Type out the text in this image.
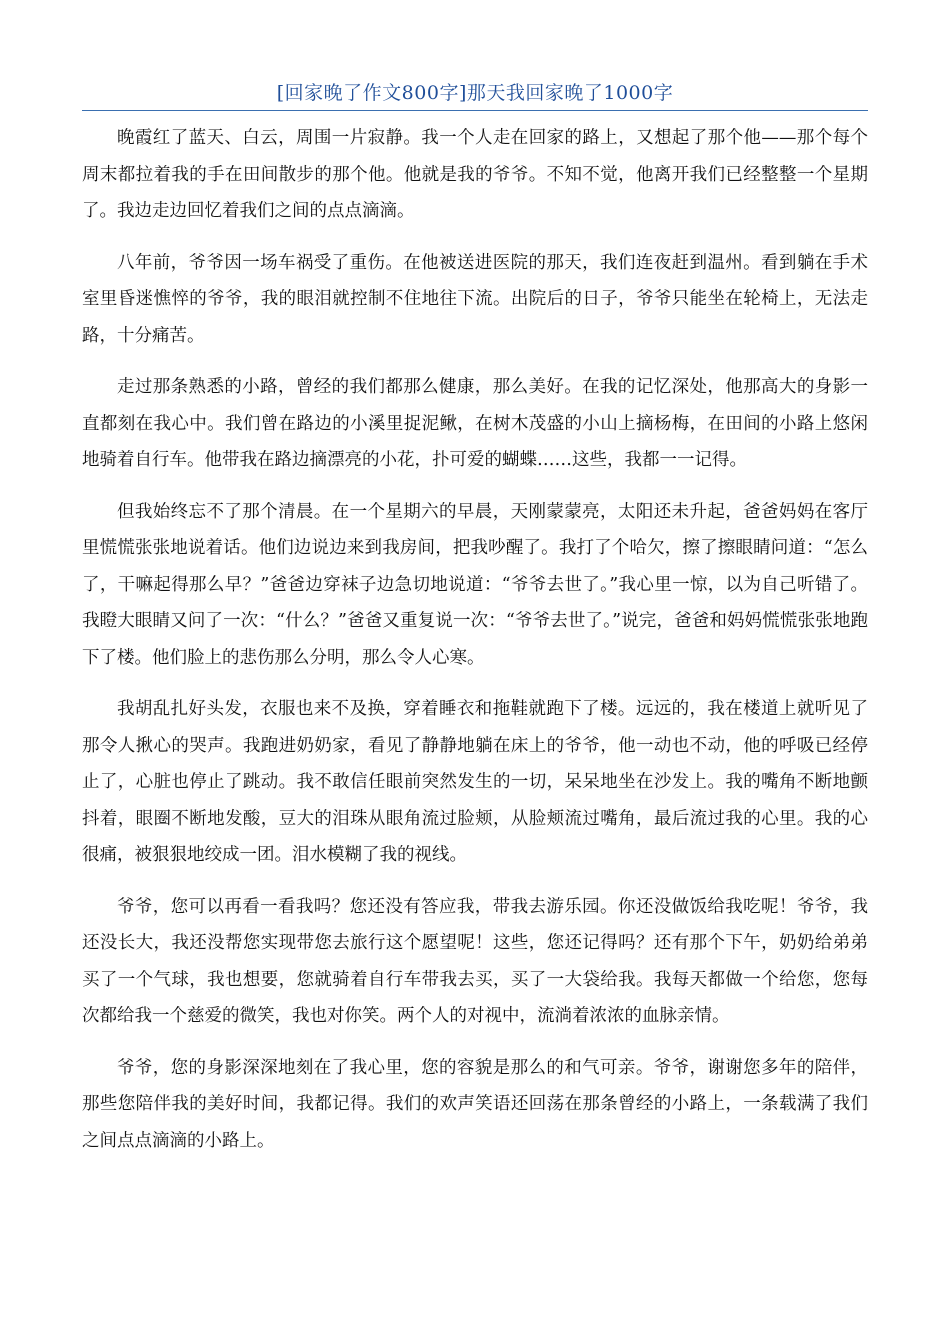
[回家晚了作文800字]那天我回家晚了1000字

晚霞红了蓝天、白云，周围一片寂静。我一个人走在回家的路上，又想起了那个他——那个每个周末都拉着我的手在田间散步的那个他。他就是我的爷爷。不知不觉，他离开我们已经整整一个星期了。我边走边回忆着我们之间的点点滴滴。

八年前，爷爷因一场车祸受了重伤。在他被送进医院的那天，我们连夜赶到温州。看到躺在手术室里昏迷憔悴的爷爷，我的眼泪就控制不住地往下流。出院后的日子，爷爷只能坐在轮椅上，无法走路，十分痛苦。

走过那条熟悉的小路，曾经的我们都那么健康，那么美好。在我的记忆深处，他那高大的身影一直都刻在我心中。我们曾在路边的小溪里捉泥鳅，在树木茂盛的小山上摘杨梅，在田间的小路上悠闲地骑着自行车。他带我在路边摘漂亮的小花，扑可爱的蝴蝶……这些，我都一一记得。

但我始终忘不了那个清晨。在一个星期六的早晨，天刚蒙蒙亮，太阳还未升起，爸爸妈妈在客厅里慌慌张张地说着话。他们边说边来到我房间，把我吵醒了。我打了个哈欠，擦了擦眼睛问道：“怎么了，干嘛起得那么早？”爸爸边穿袜子边急切地说道：“爷爷去世了。”我心里一惊，以为自己听错了。我瞪大眼睛又问了一次：“什么？”爸爸又重复说一次：“爷爷去世了。”说完，爸爸和妈妈慌慌张张地跑下了楼。他们脸上的悲伤那么分明，那么令人心寒。

我胡乱扎好头发，衣服也来不及换，穿着睡衣和拖鞋就跑下了楼。远远的，我在楼道上就听见了那令人揪心的哭声。我跑进奶奶家，看见了静静地躺在床上的爷爷，他一动也不动，他的呼吸已经停止了，心脏也停止了跳动。我不敢信任眼前突然发生的一切，呆呆地坐在沙发上。我的嘴角不断地颤抖着，眼圈不断地发酸，豆大的泪珠从眼角流过脸颊，从脸颊流过嘴角，最后流过我的心里。我的心很痛，被狠狠地绞成一团。泪水模糊了我的视线。

爷爷，您可以再看一看我吗？您还没有答应我，带我去游乐园。你还没做饭给我吃呢！爷爷，我还没长大，我还没帮您实现带您去旅行这个愿望呢！这些，您还记得吗？还有那个下午，奶奶给弟弟买了一个气球，我也想要，您就骑着自行车带我去买，买了一大袋给我。我每天都做一个给您，您每次都给我一个慈爱的微笑，我也对你笑。两个人的对视中，流淌着浓浓的血脉亲情。

爷爷，您的身影深深地刻在了我心里，您的容貌是那么的和气可亲。爷爷，谢谢您多年的陪伴，那些您陪伴我的美好时间，我都记得。我们的欢声笑语还回荡在那条曾经的小路上，一条载满了我们之间点点滴滴的小路上。
